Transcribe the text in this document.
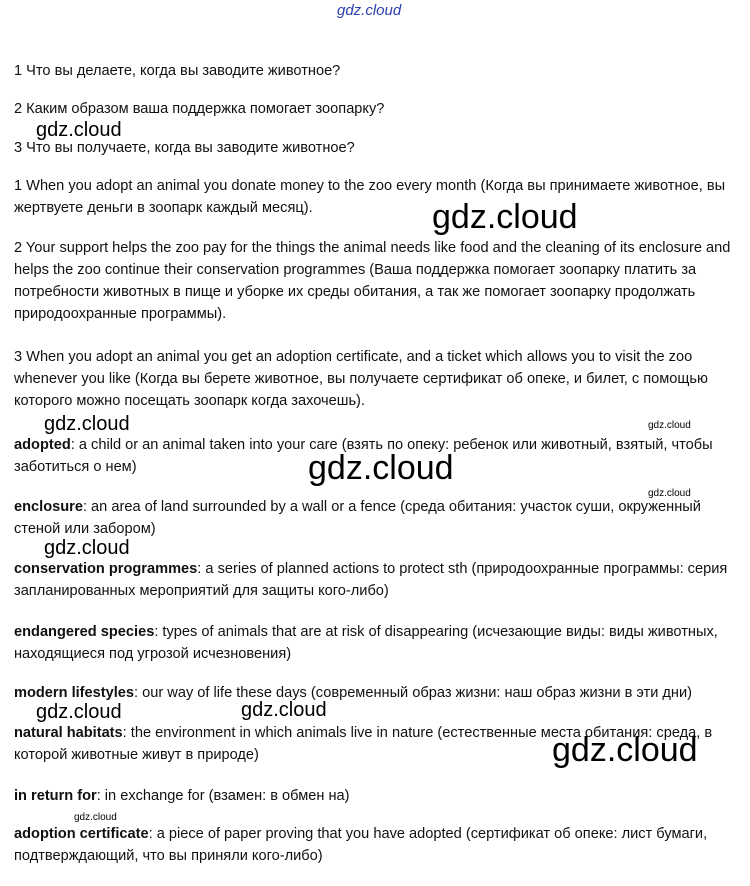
1 Что вы делаете, когда вы заводите животное?

2 Каким образом ваша поддержка помогает зоопарку?

3 Что вы получаете, когда вы заводите животное?

1 When you adopt an animal you donate money to the zoo every month (Когда вы принимаете животное, вы жертвуете деньги в зоопарк каждый месяц).

2 Your support helps the zoo pay for the things the animal needs like food and the cleaning of its enclosure and helps the zoo continue their conservation programmes (Ваша поддержка помогает зоопарку платить за потребности животных в пище и уборке их среды обитания, а так же помогает зоопарку продолжать природоохранные программы).

3 When you adopt an animal you get an adoption certificate, and a ticket which allows you to visit the zoo whenever you like (Когда вы берете животное, вы получаете сертификат об опеке, и билет, с помощью которого можно посещать зоопарк когда захочешь).

adopted: a child or an animal taken into your care (взять по опеку: ребенок или животный, взятый, чтобы заботиться о нем)

enclosure: an area of land surrounded by a wall or a fence (среда обитания: участок суши, окруженный стеной или забором)

conservation programmes: a series of planned actions to protect sth (природоохранные программы: серия запланированных мероприятий для защиты кого-либо)

endangered species: types of animals that are at risk of disappearing (исчезающие виды: виды животных, находящиеся под угрозой исчезновения)

modern lifestyles: our way of life these days (современный образ жизни: наш образ жизни в эти дни)

natural habitats: the environment in which animals live in nature (естественные места обитания: среда, в которой животные живут в природе)

in return for: in exchange for (взамен: в обмен на)

adoption certificate: a piece of paper proving that you have adopted (сертификат об опеке: лист бумаги, подтверждающий, что вы приняли кого-либо)

gdz.cloud
gdz.cloud
gdz.cloud
gdz.cloud	gdz.cloud
gdz.cloud
gdz.cloud
gdz.cloud
gdz.cloud	gdz.cloud
gdz.cloud
gdz.cloud
